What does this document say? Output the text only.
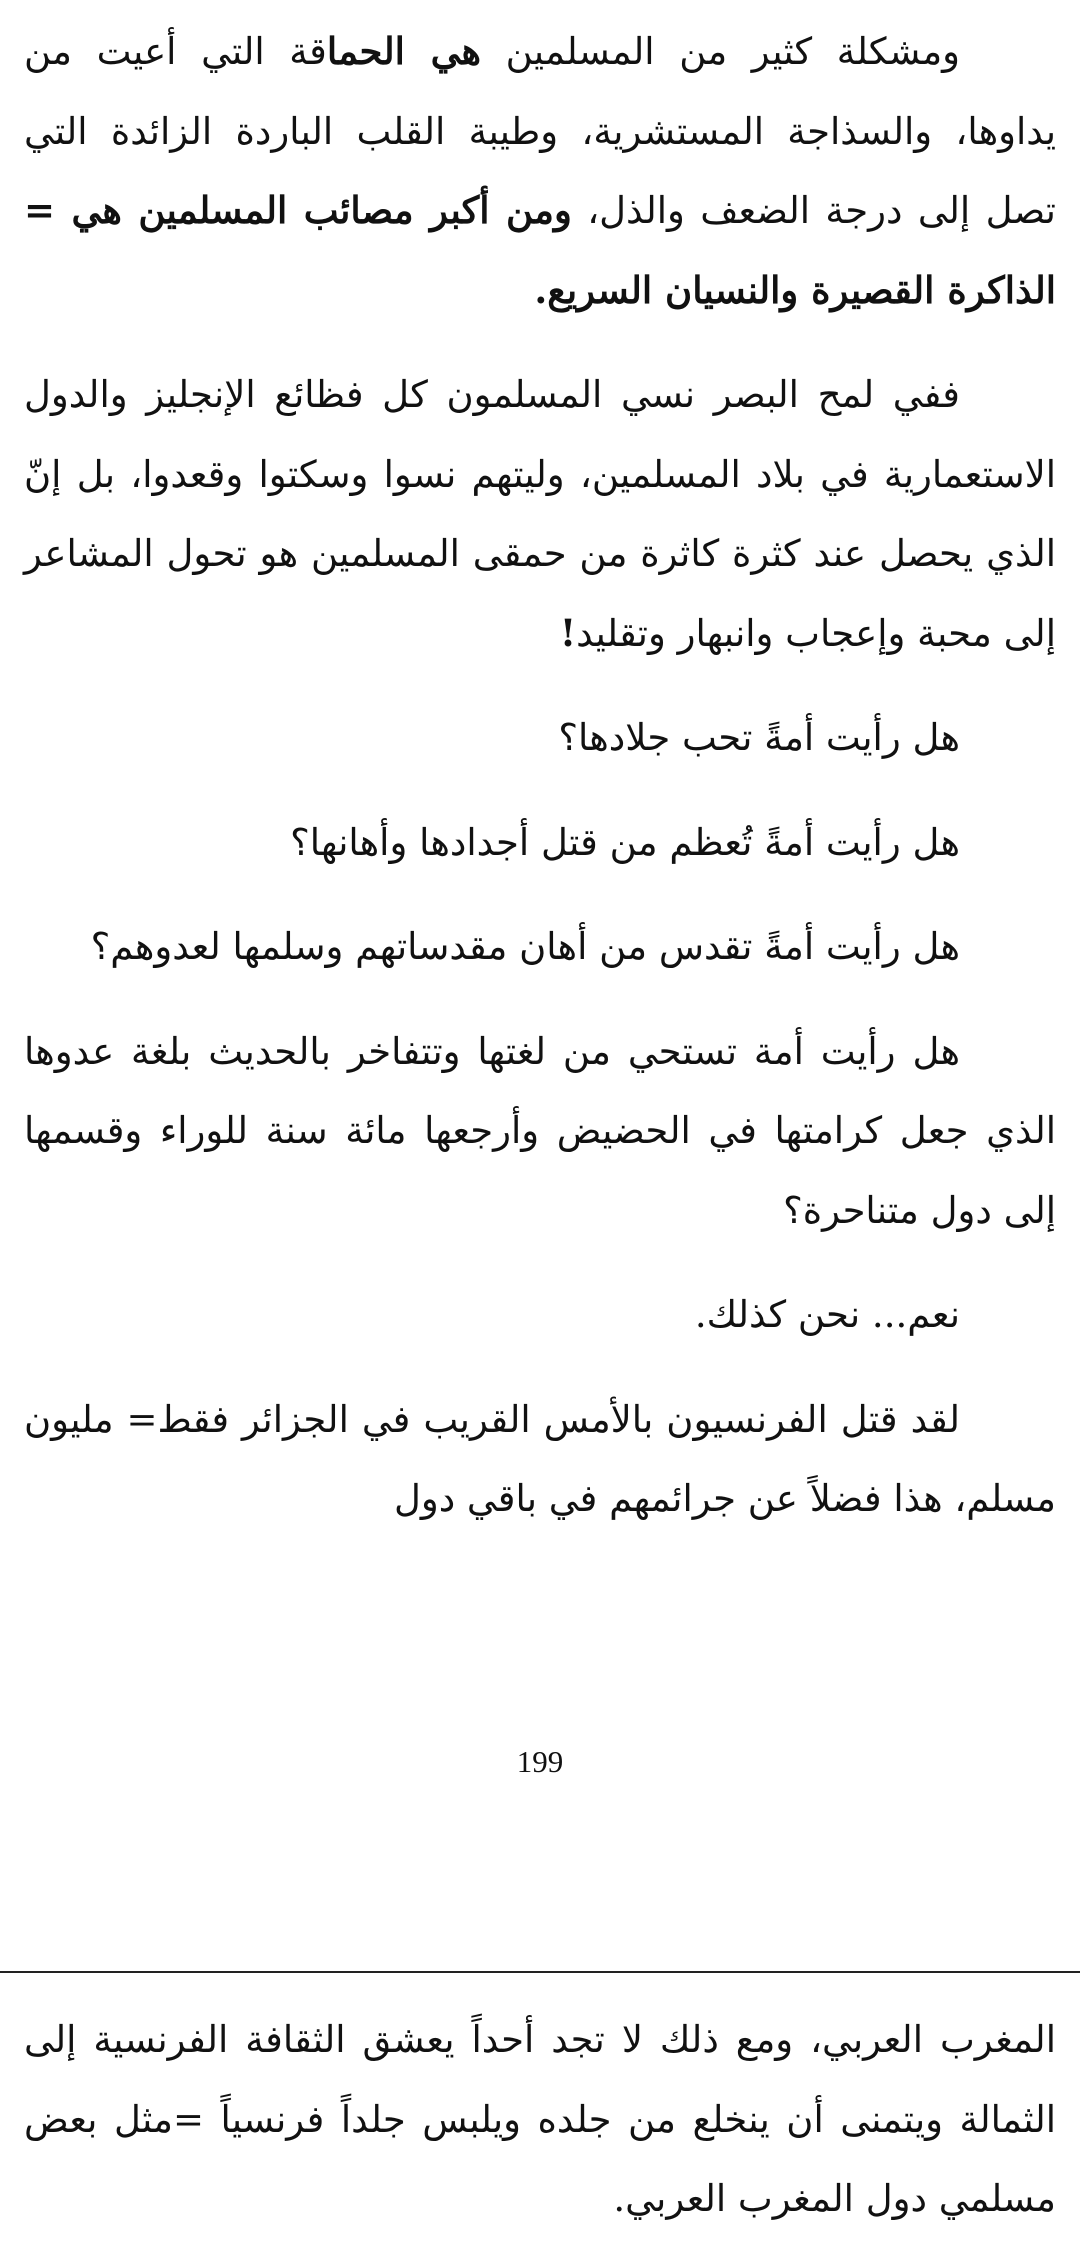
ومشكلة كثير من المسلمين هي الحماقة التي أعيت من يداوها، والسذاجة المستشرية، وطيبة القلب الباردة الزائدة التي تصل إلى درجة الضعف والذل، ومن أكبر مصائب المسلمين هي = الذاكرة القصيرة والنسيان السريع.

ففي لمح البصر نسي المسلمون كل فظائع الإنجليز والدول الاستعمارية في بلاد المسلمين، وليتهم نسوا وسكتوا وقعدوا، بل إنّ الذي يحصل عند كثرة كاثرة من حمقى المسلمين هو تحول المشاعر إلى محبة وإعجاب وانبهار وتقليد!

هل رأيت أمةً تحب جلادها؟

هل رأيت أمةً تُعظم من قتل أجدادها وأهانها؟

هل رأيت أمةً تقدس من أهان مقدساتهم وسلمها لعدوهم؟

هل رأيت أمة تستحي من لغتها وتتفاخر بالحديث بلغة عدوها الذي جعل كرامتها في الحضيض وأرجعها مائة سنة للوراء وقسمها إلى دول متناحرة؟

نعم... نحن كذلك.

لقد قتل الفرنسيون بالأمس القريب في الجزائر فقط= مليون مسلم، هذا فضلاً عن جرائمهم في باقي دول

199

المغرب العربي، ومع ذلك لا تجد أحداً يعشق الثقافة الفرنسية إلى الثمالة ويتمنى أن ينخلع من جلده ويلبس جلداً فرنسياً =مثل بعض مسلمي دول المغرب العربي.
